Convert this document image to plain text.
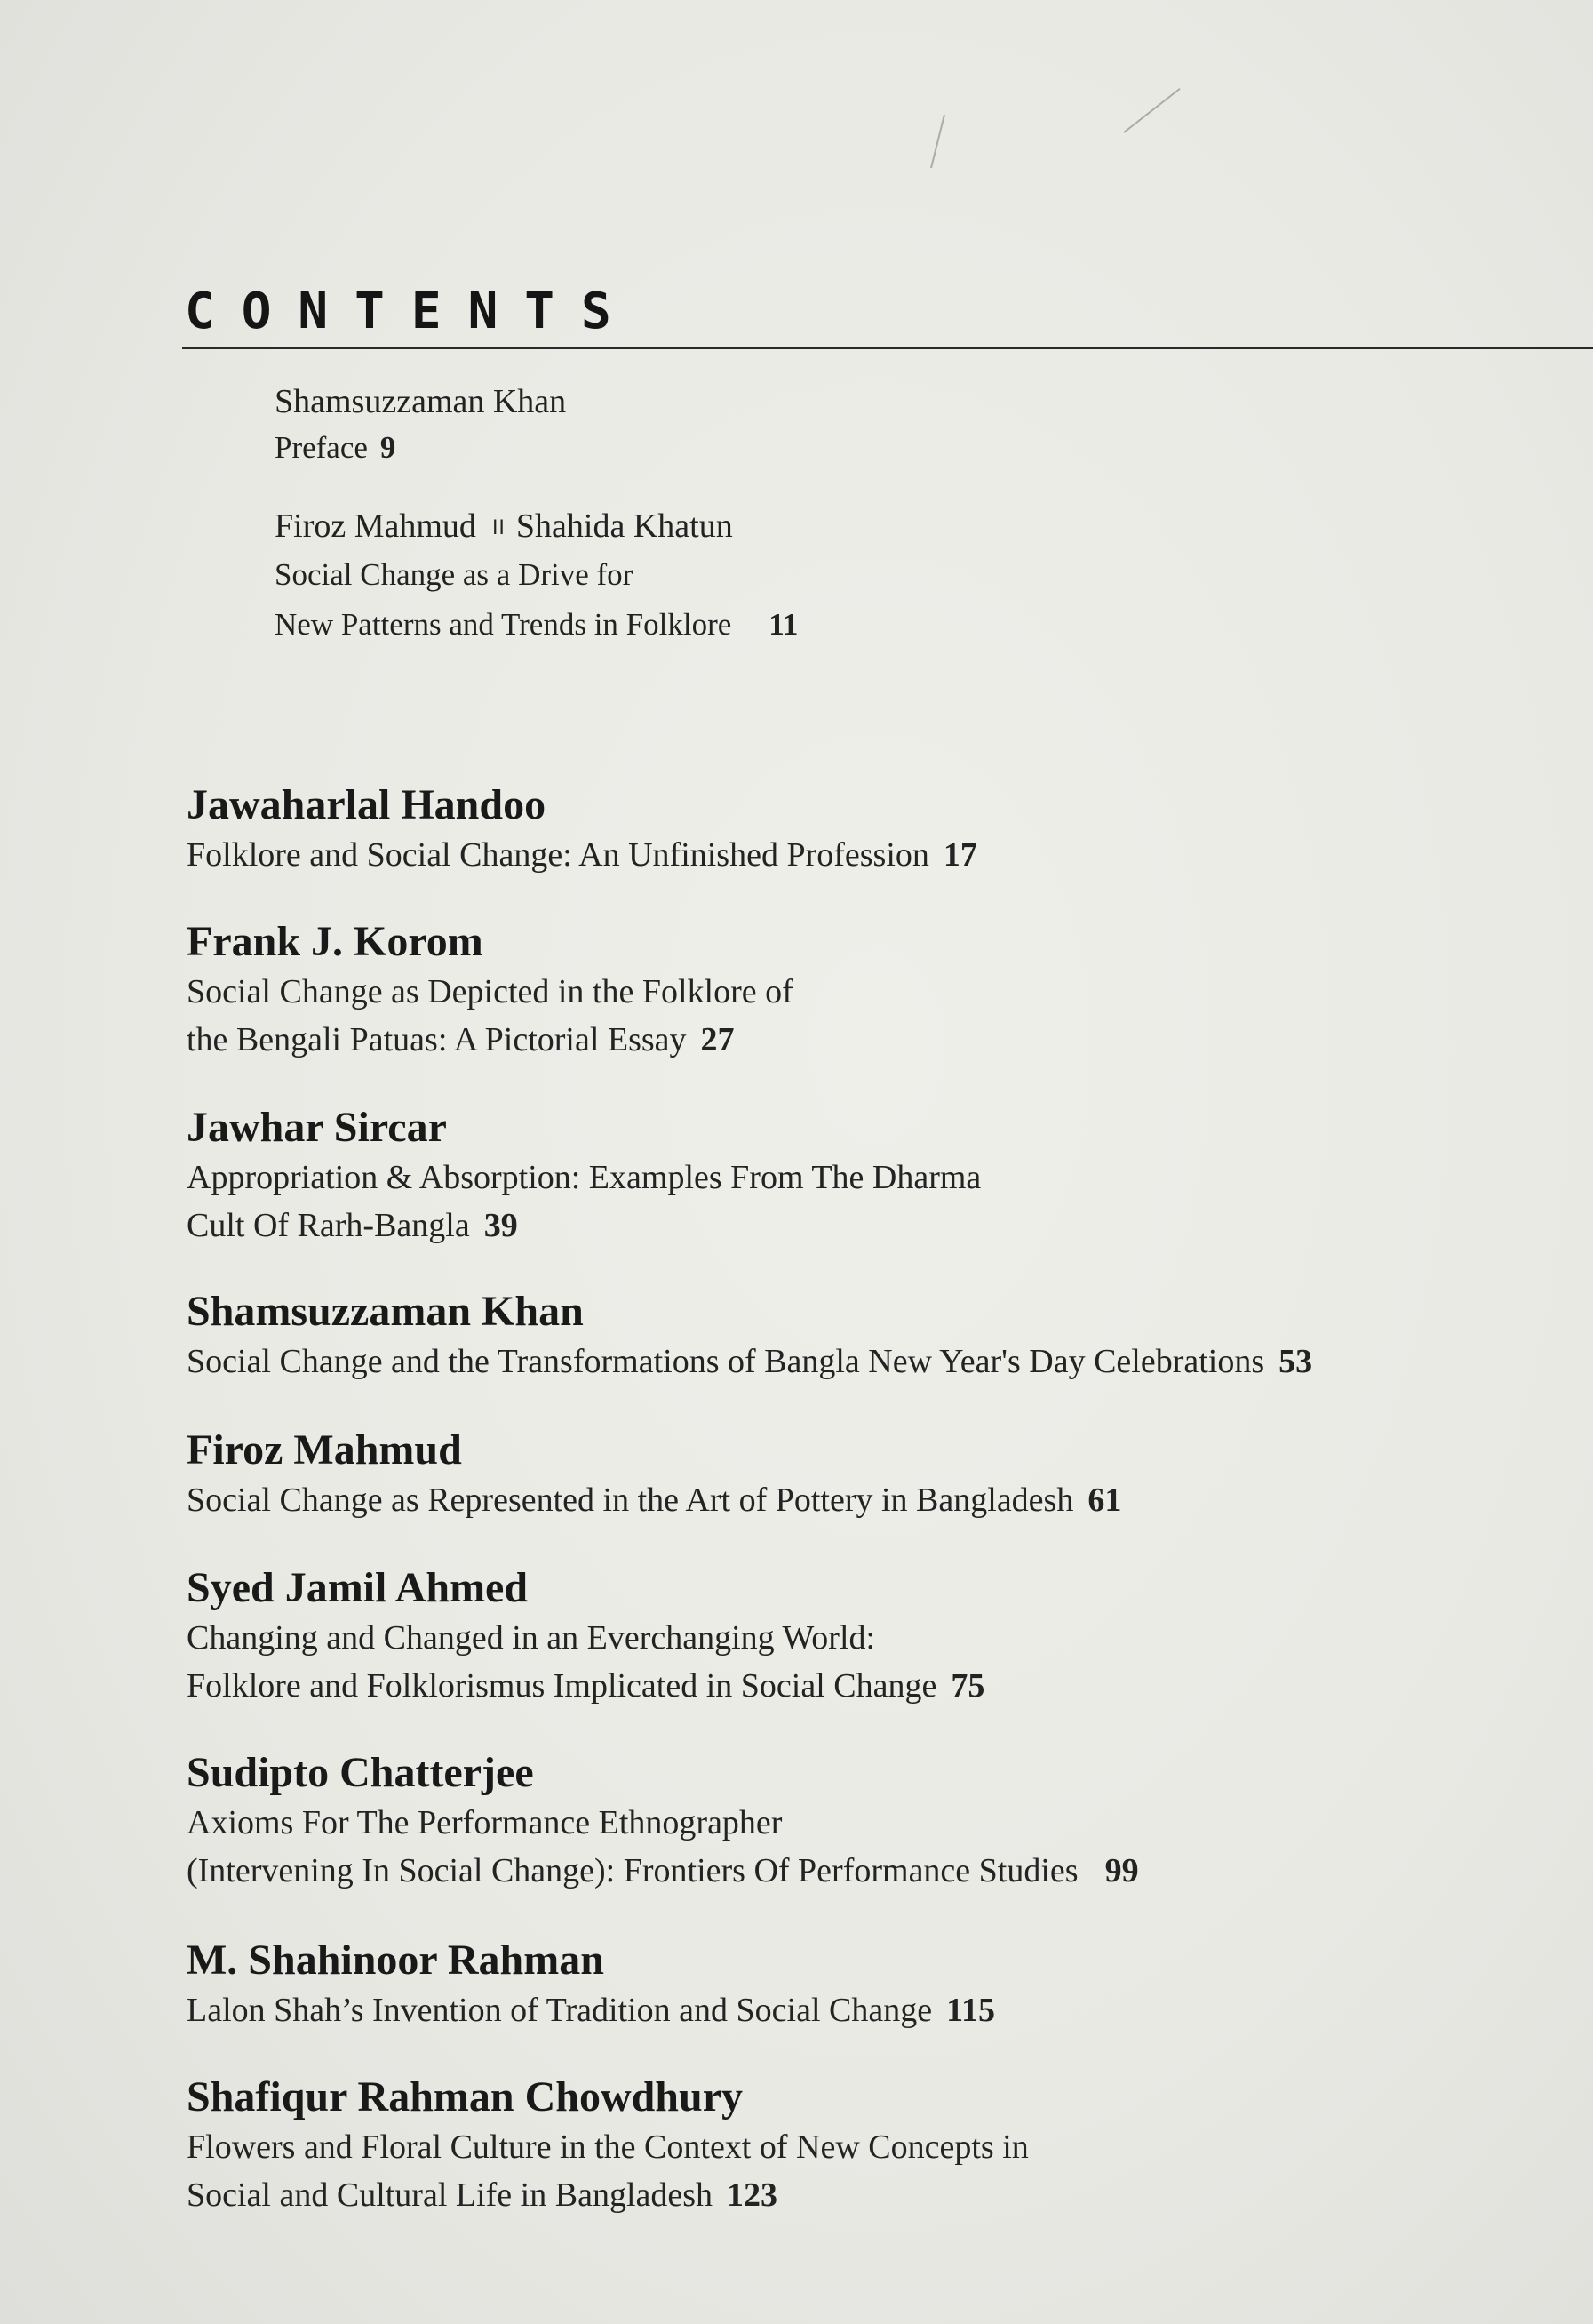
CONTENTS
Shamsuzzaman Khan
Preface 9
Firoz Mahmud II Shahida Khatun
Social Change as a Drive for
New Patterns and Trends in Folklore 11
Jawaharlal Handoo
Folklore and Social Change: An Unfinished Profession 17
Frank J. Korom
Social Change as Depicted in the Folklore of
the Bengali Patuas: A Pictorial Essay 27
Jawhar Sircar
Appropriation & Absorption: Examples From The Dharma
Cult Of Rarh-Bangla 39
Shamsuzzaman Khan
Social Change and the Transformations of Bangla New Year's Day Celebrations 53
Firoz Mahmud
Social Change as Represented in the Art of Pottery in Bangladesh 61
Syed Jamil Ahmed
Changing and Changed in an Everchanging World:
Folklore and Folklorismus Implicated in Social Change 75
Sudipto Chatterjee
Axioms For The Performance Ethnographer
(Intervening In Social Change): Frontiers Of Performance Studies 99
M. Shahinoor Rahman
Lalon Shah’s Invention of Tradition and Social Change 115
Shafiqur Rahman Chowdhury
Flowers and Floral Culture in the Context of New Concepts in
Social and Cultural Life in Bangladesh 123
